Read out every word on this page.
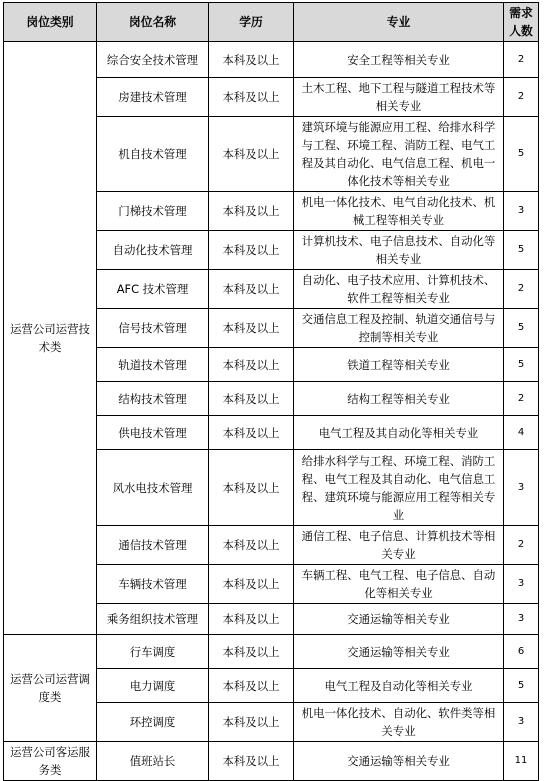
岗位类别	岗位名称	学历	专业	需求人数
运营公司运营技术类	综合安全技术管理	本科及以上	安全工程等相关专业	2
	房建技术管理	本科及以上	土木工程、地下工程与隧道工程技术等相关专业	2
	机自技术管理	本科及以上	建筑环境与能源应用工程、给排水科学与工程、环境工程、消防工程、电气工程及其自动化、电气信息工程、机电一体化技术等相关专业	5
	门梯技术管理	本科及以上	机电一体化技术、电气自动化技术、机械工程等相关专业	3
	自动化技术管理	本科及以上	计算机技术、电子信息技术、自动化等相关专业	5
	AFC 技术管理	本科及以上	自动化、电子技术应用、计算机技术、软件工程等相关专业	2
	信号技术管理	本科及以上	交通信息工程及控制、轨道交通信号与控制等相关专业	5
	轨道技术管理	本科及以上	铁道工程等相关专业	5
	结构技术管理	本科及以上	结构工程等相关专业	2
	供电技术管理	本科及以上	电气工程及其自动化等相关专业	4
	风水电技术管理	本科及以上	给排水科学与工程、环境工程、消防工程、电气工程及其自动化、电气信息工程、建筑环境与能源应用工程等相关专业	3
	通信技术管理	本科及以上	通信工程、电子信息、计算机技术等相关专业	2
	车辆技术管理	本科及以上	车辆工程、电气工程、电子信息、自动化等相关专业	3
	乘务组织技术管理	本科及以上	交通运输等相关专业	3
运营公司运营调度类	行车调度	本科及以上	交通运输等相关专业	6
	电力调度	本科及以上	电气工程及自动化等相关专业	5
	环控调度	本科及以上	机电一体化技术、自动化、软件类等相关专业	3
运营公司客运服务类	值班站长	本科及以上	交通运输等相关专业	11
